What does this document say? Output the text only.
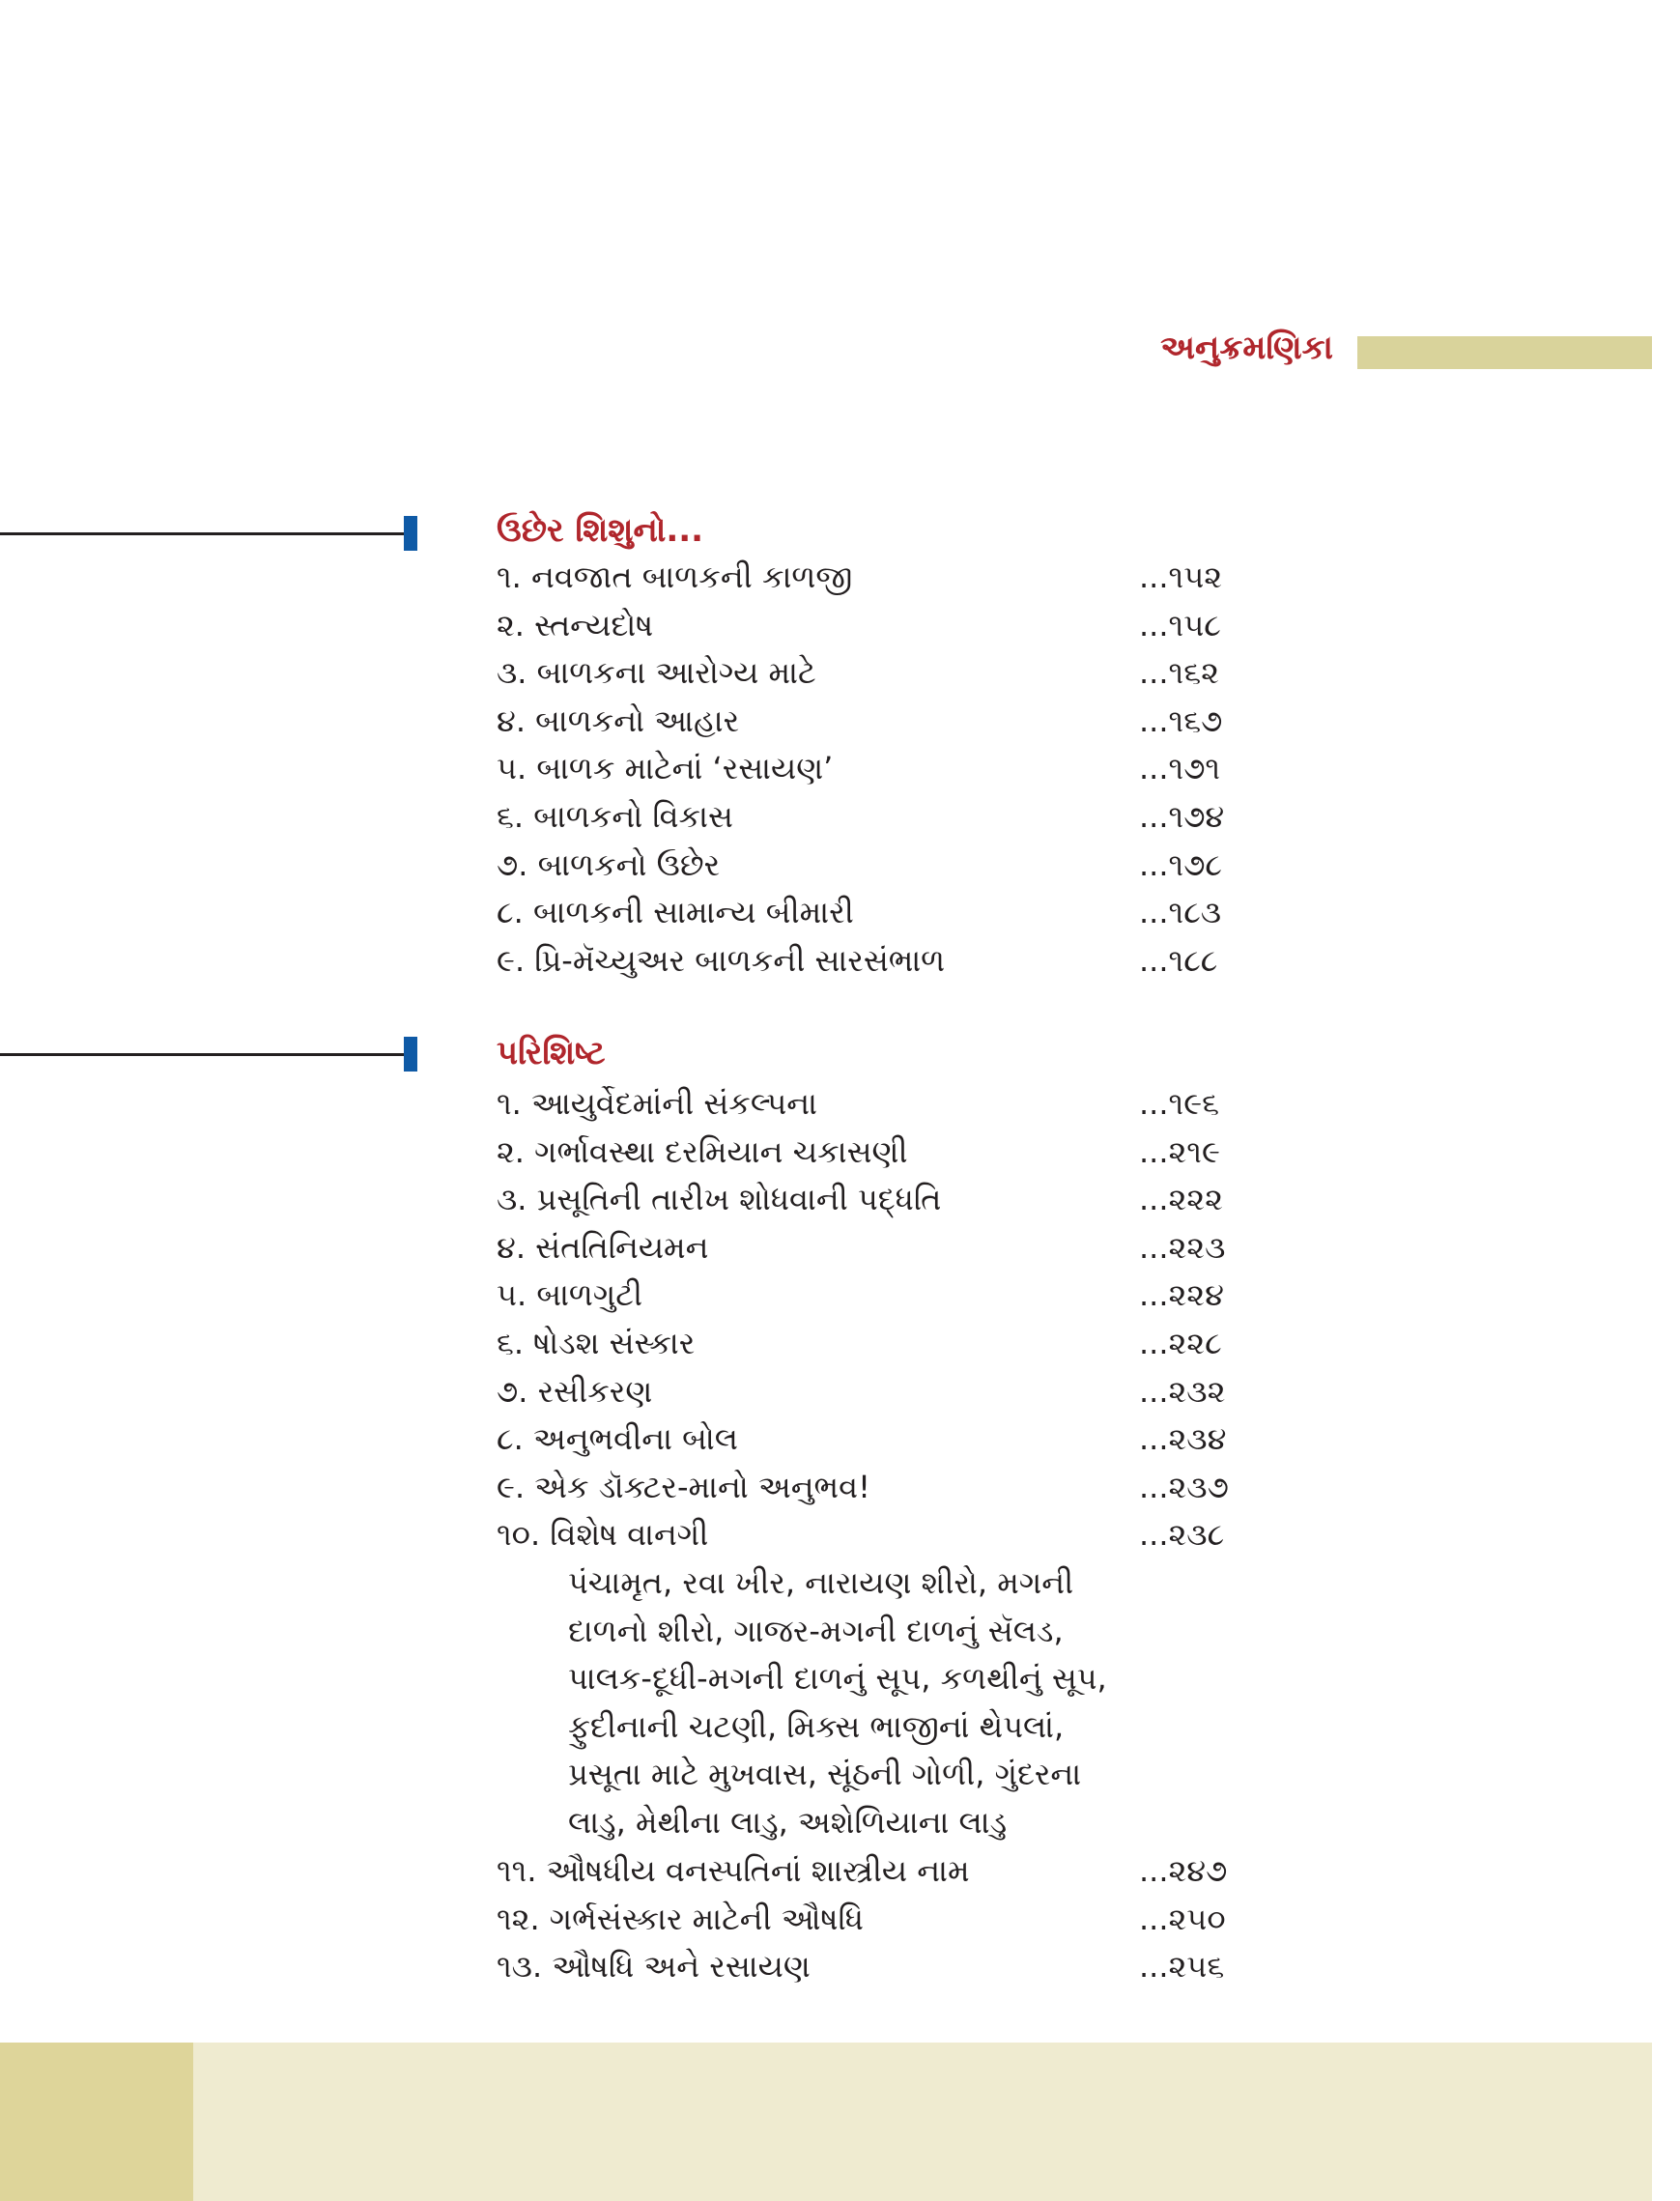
અનુક્રમણિકા
ઉછેર શિશુનો...
૧. નવજાત બાળકની કાળજી	...૧૫૨
૨. સ્તન્યદોષ	...૧૫૮
૩. બાળકના આરોગ્ય માટે	...૧૬૨
૪. બાળકનો આહાર	...૧૬૭
૫. બાળક માટેનાં ‘રસાયણ’	...૧૭૧
૬. બાળકનો વિકાસ	...૧૭૪
૭. બાળકનો ઉછેર	...૧૭૮
૮. બાળકની સામાન્ય બીમારી	...૧૮૩
૯. પ્રિ-મૅચ્યુઅર બાળકની સારસંભાળ	...૧૮૮
પરિશિષ્ટ
૧. આયુર્વેદમાંની સંકલ્પના	...૧૯૬
૨. ગર્ભાવસ્થા દરમિયાન ચકાસણી	...૨૧૯
૩. પ્રસૂતિની તારીખ શોધવાની પદ્ધતિ	...૨૨૨
૪. સંતતિનિયમન	...૨૨૩
૫. બાળગુટી	...૨૨૪
૬. ષોડશ સંસ્કાર	...૨૨૮
૭. રસીકરણ	...૨૩૨
૮. અનુભવીના બોલ	...૨૩૪
૯. એક ડૉક્ટર-માનો અનુભવ!	...૨૩૭
૧૦. વિશેષ વાનગી	...૨૩૮
પંચામૃત, રવા ખીર, નારાયણ શીરો, મગની
દાળનો શીરો, ગાજર-મગની દાળનું સૅલડ,
પાલક-દૂધી-મગની દાળનું સૂપ, કળથીનું સૂપ,
ફુદીનાની ચટણી, મિક્સ ભાજીનાં થેપલાં,
પ્રસૂતા માટે મુખવાસ, સૂંઠની ગોળી, ગુંદરના
લાડુ, મેથીના લાડુ, અશેળિયાના લાડુ
૧૧. ઔષધીય વનસ્પતિનાં શાસ્ત્રીય નામ	...૨૪૭
૧૨. ગર્ભસંસ્કાર માટેની ઔષધિ	...૨૫૦
૧૩. ઔષધિ અને રસાયણ	...૨૫૬
